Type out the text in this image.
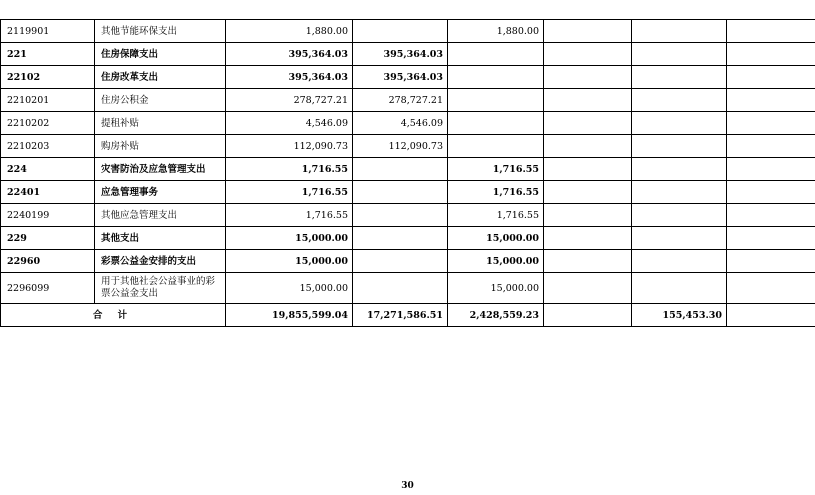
2119901	其他节能环保支出	1,880.00		1,880.00			
221	住房保障支出	395,364.03	395,364.03				
22102	住房改革支出	395,364.03	395,364.03				
2210201	住房公积金	278,727.21	278,727.21				
2210202	提租补贴	4,546.09	4,546.09				
2210203	购房补贴	112,090.73	112,090.73				
224	灾害防治及应急管理支出	1,716.55		1,716.55			
22401	应急管理事务	1,716.55		1,716.55			
2240199	其他应急管理支出	1,716.55		1,716.55			
229	其他支出	15,000.00		15,000.00			
22960	彩票公益金安排的支出	15,000.00		15,000.00			
2296099	用于其他社会公益事业的彩票公益金支出	15,000.00		15,000.00			
合 计		19,855,599.04	17,271,586.51	2,428,559.23		155,453.30	
30
